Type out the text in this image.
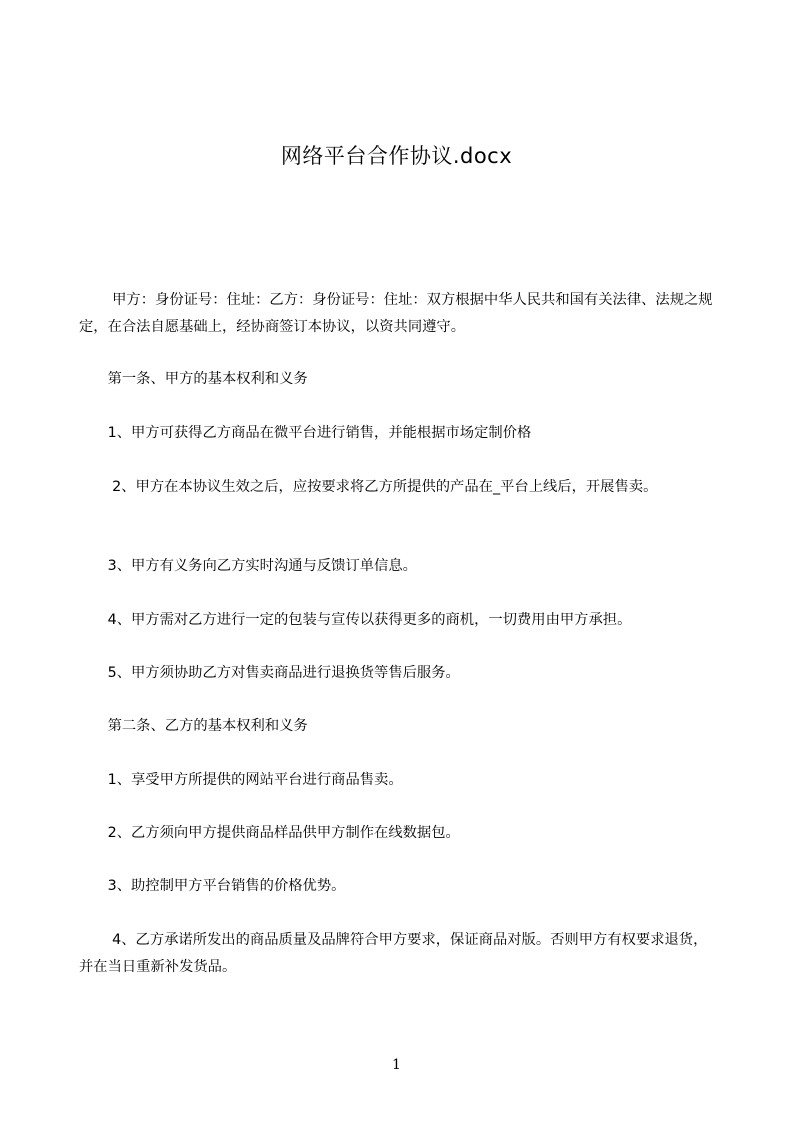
网络平台合作协议.docx
　　 甲方：身份证号：住址：乙方：身份证号：住址：双方根据中华人民共和国有关法律、法规之规定，在合法自愿基础上，经协商签订本协议，以资共同遵守。
　　第一条、甲方的基本权利和义务
　　1、甲方可获得乙方商品在微平台进行销售，并能根据市场定制价格
　　 2、甲方在本协议生效之后，应按要求将乙方所提供的产品在_平台上线后，开展售卖。
　　3、甲方有义务向乙方实时沟通与反馈订单信息。
　　4、甲方需对乙方进行一定的包装与宣传以获得更多的商机，一切费用由甲方承担。
　　5、甲方须协助乙方对售卖商品进行退换货等售后服务。
　　第二条、乙方的基本权利和义务
　　1、享受甲方所提供的网站平台进行商品售卖。
　　2、乙方须向甲方提供商品样品供甲方制作在线数据包。
　　3、助控制甲方平台销售的价格优势。
　　 4、乙方承诺所发出的商品质量及品牌符合甲方要求，保证商品对版。否则甲方有权要求退货，并在当日重新补发货品。
1
